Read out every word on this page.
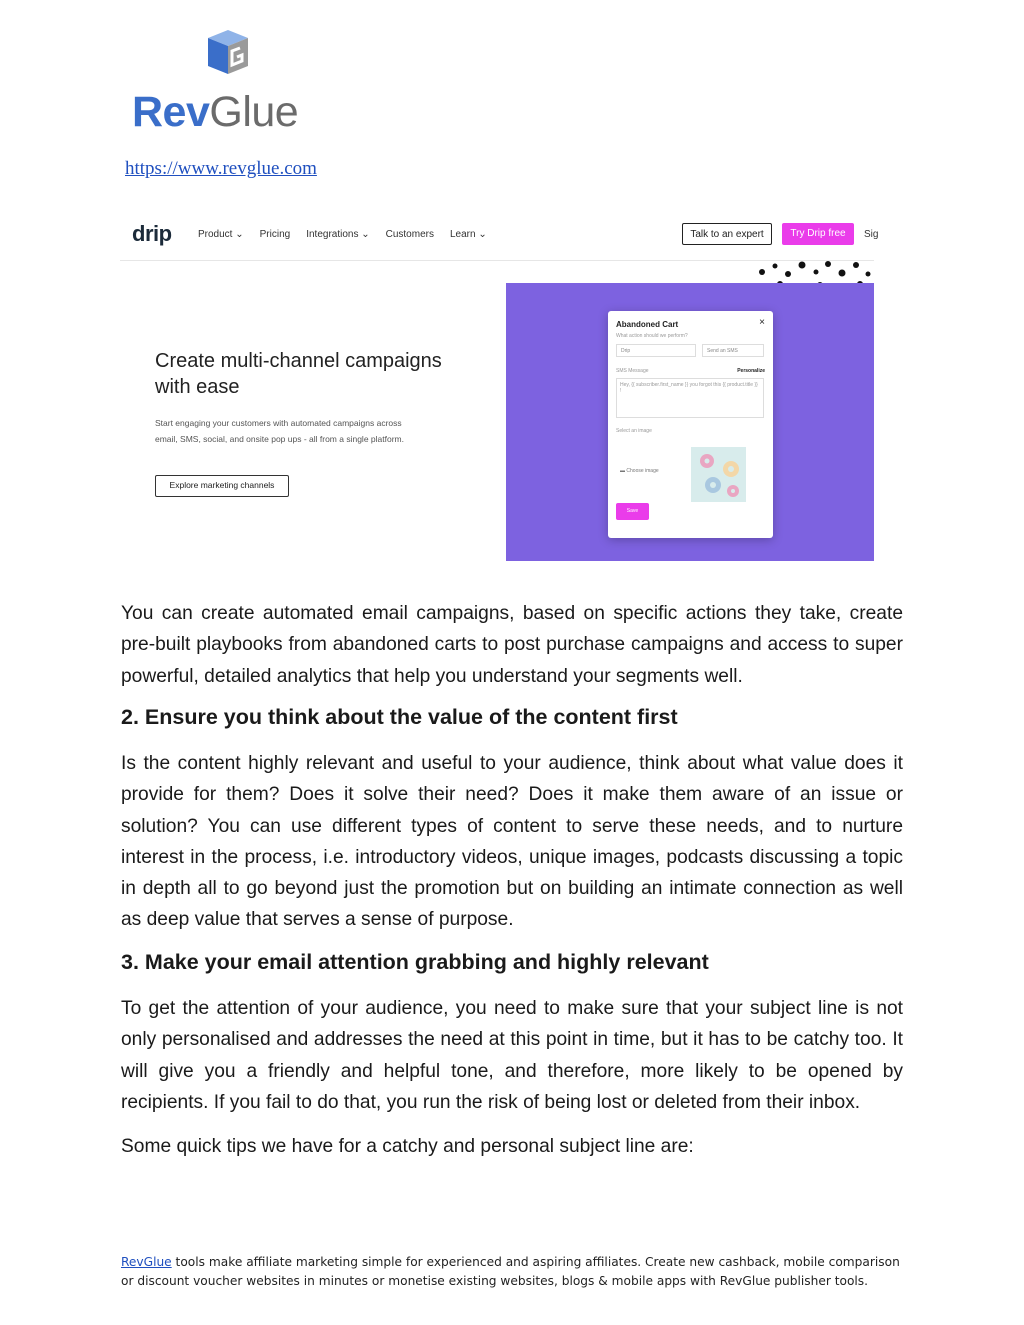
RevGlue
https://www.revglue.com
drip	Product ⌄ Pricing Integrations ⌄ Customers Learn ⌄	Talk to an expert	Try Drip free	Sig
Create multi-channel campaigns with ease
Start engaging your customers with automated campaigns across email, SMS, social, and onsite pop ups - all from a single platform.
Explore marketing channels
Abandoned Cart	×
What action should we perform?
Drip	Send an SMS
SMS Message	Personalize
Hey, {{ subscriber.first_name }} you forgot this {{ product.title }} !
Select an image
▬ Choose image
Save

You can create automated email campaigns, based on specific actions they take, create pre-built playbooks from abandoned carts to post purchase campaigns and access to super powerful, detailed analytics that help you understand your segments well.

2. Ensure you think about the value of the content first

Is the content highly relevant and useful to your audience, think about what value does it provide for them? Does it solve their need? Does it make them aware of an issue or solution? You can use different types of content to serve these needs, and to nurture interest in the process, i.e. introductory videos, unique images, podcasts discussing a topic in depth all to go beyond just the promotion but on building an intimate connection as well as deep value that serves a sense of purpose.

3. Make your email attention grabbing and highly relevant

To get the attention of your audience, you need to make sure that your subject line is not only personalised and addresses the need at this point in time, but it has to be catchy too. It will give you a friendly and helpful tone, and therefore, more likely to be opened by recipients. If you fail to do that, you run the risk of being lost or deleted from their inbox.

Some quick tips we have for a catchy and personal subject line are:

RevGlue tools make affiliate marketing simple for experienced and aspiring affiliates. Create new cashback, mobile comparison or discount voucher websites in minutes or monetise existing websites, blogs & mobile apps with RevGlue publisher tools.
